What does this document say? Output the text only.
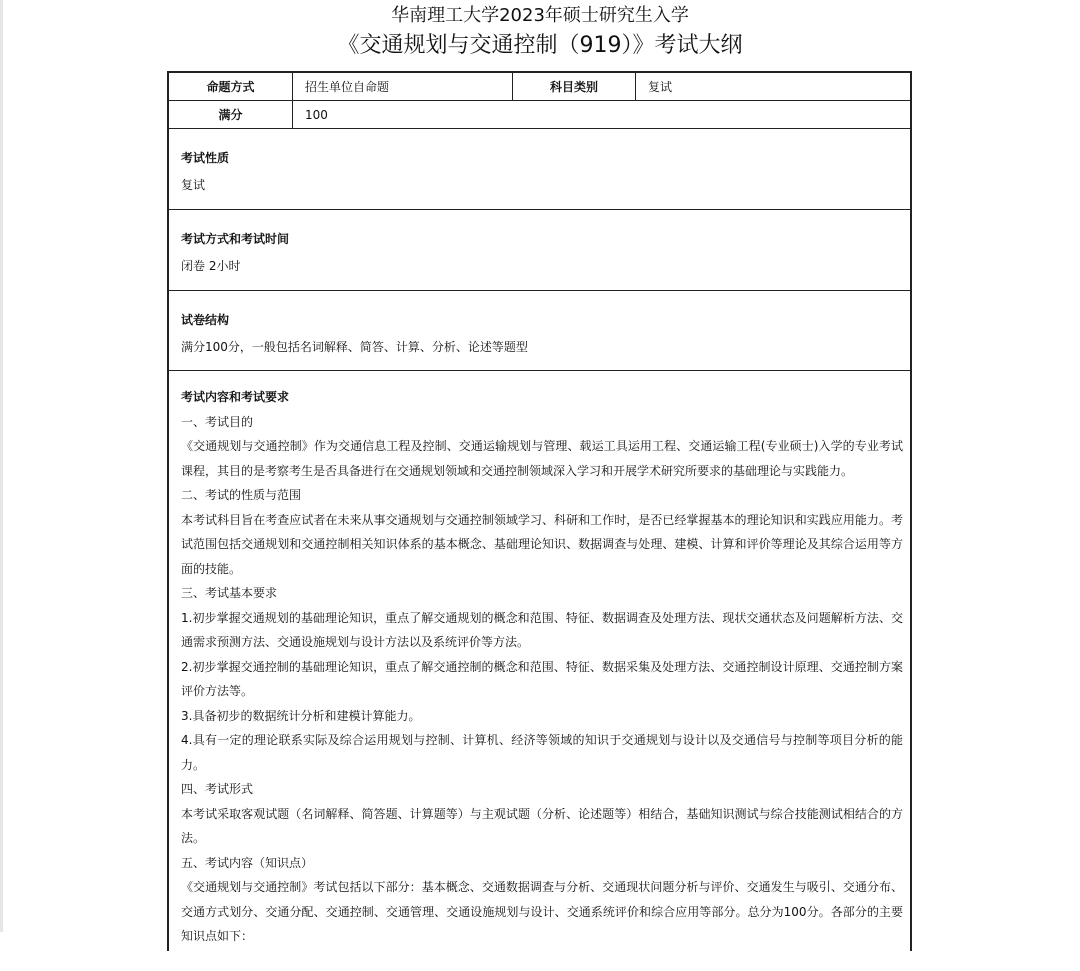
华南理工大学2023年硕士研究生入学
《交通规划与交通控制（919）》考试大纲
命题方式	招生单位自命题	科目类别	复试
满分	100
考试性质
复试
考试方式和考试时间
闭卷 2小时
试卷结构
满分100分，一般包括名词解释、简答、计算、分析、论述等题型

考试内容和考试要求

一、考试目的

《交通规划与交通控制》作为交通信息工程及控制、交通运输规划与管理、载运工具运用工程、交通运输工程(专业硕士)入学的专业考试课程，其目的是考察考生是否具备进行在交通规划领域和交通控制领域深入学习和开展学术研究所要求的基础理论与实践能力。

二、考试的性质与范围

本考试科目旨在考查应试者在未来从事交通规划与交通控制领域学习、科研和工作时，是否已经掌握基本的理论知识和实践应用能力。考试范围包括交通规划和交通控制相关知识体系的基本概念、基础理论知识、数据调查与处理、建模、计算和评价等理论及其综合运用等方面的技能。

三、考试基本要求

1.初步掌握交通规划的基础理论知识，重点了解交通规划的概念和范围、特征、数据调查及处理方法、现状交通状态及问题解析方法、交通需求预测方法、交通设施规划与设计方法以及系统评价等方法。

2.初步掌握交通控制的基础理论知识，重点了解交通控制的概念和范围、特征、数据采集及处理方法、交通控制设计原理、交通控制方案评价方法等。

3.具备初步的数据统计分析和建模计算能力。

4.具有一定的理论联系实际及综合运用规划与控制、计算机、经济等领域的知识于交通规划与设计以及交通信号与控制等项目分析的能力。

四、考试形式

本考试采取客观试题（名词解释、简答题、计算题等）与主观试题（分析、论述题等）相结合，基础知识测试与综合技能测试相结合的方法。

五、考试内容（知识点）

《交通规划与交通控制》考试包括以下部分：基本概念、交通数据调查与分析、交通现状问题分析与评价、交通发生与吸引、交通分布、交通方式划分、交通分配、交通控制、交通管理、交通设施规划与设计、交通系统评价和综合应用等部分。总分为100分。各部分的主要知识点如下：
